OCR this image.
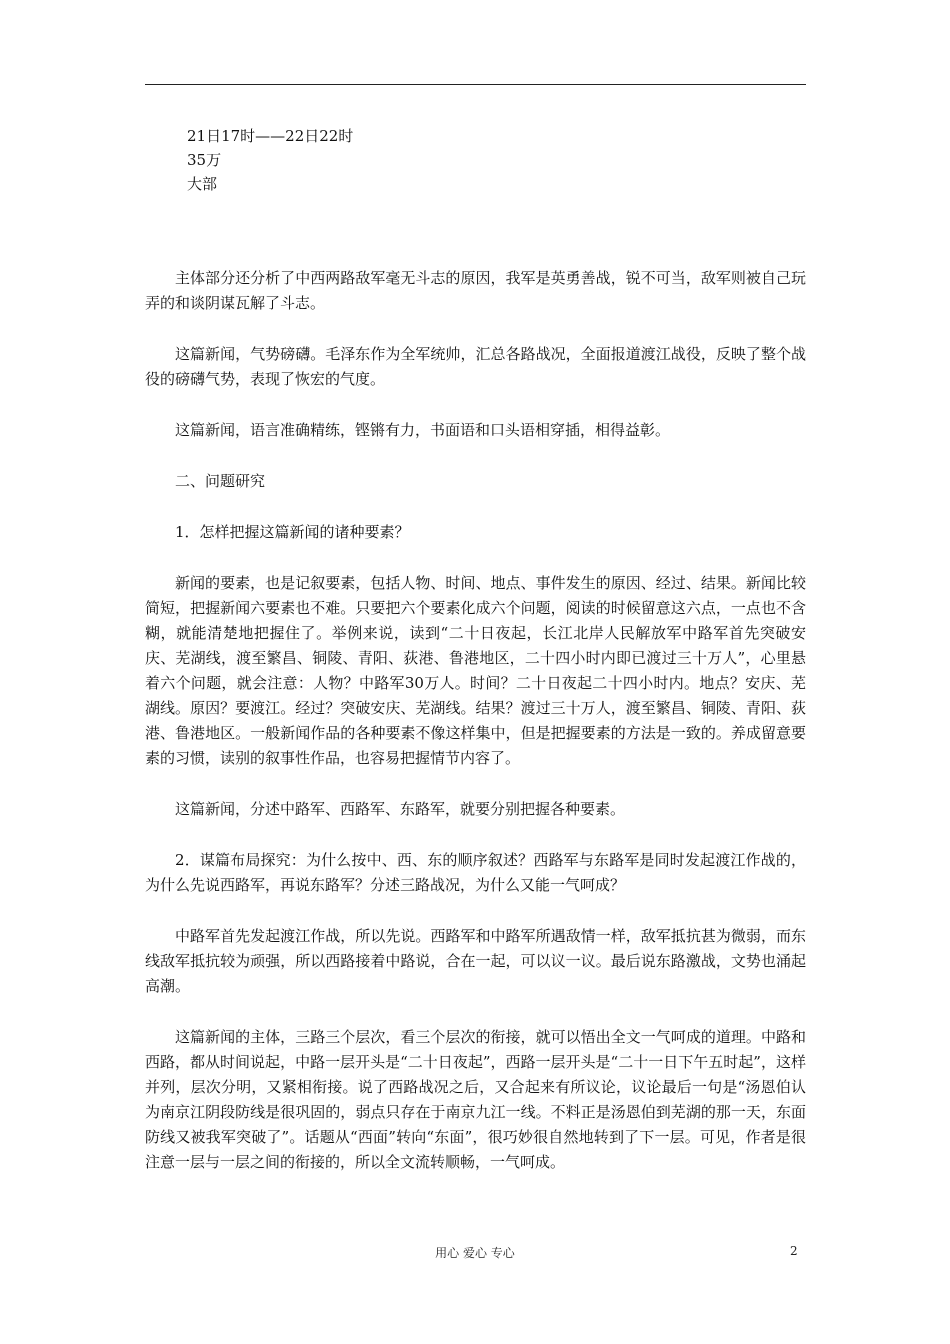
21日17时——22日22时
35万
大部

主体部分还分析了中西两路敌军毫无斗志的原因，我军是英勇善战，锐不可当，敌军则被自己玩弄的和谈阴谋瓦解了斗志。

这篇新闻，气势磅礴。毛泽东作为全军统帅，汇总各路战况，全面报道渡江战役，反映了整个战役的磅礴气势，表现了恢宏的气度。

这篇新闻，语言准确精练，铿锵有力，书面语和口头语相穿插，相得益彰。

二、问题研究

1．怎样把握这篇新闻的诸种要素？

新闻的要素，也是记叙要素，包括人物、时间、地点、事件发生的原因、经过、结果。新闻比较简短，把握新闻六要素也不难。只要把六个要素化成六个问题，阅读的时候留意这六点，一点也不含糊，就能清楚地把握住了。举例来说，读到“二十日夜起，长江北岸人民解放军中路军首先突破安庆、芜湖线，渡至繁昌、铜陵、青阳、荻港、鲁港地区，二十四小时内即已渡过三十万人”，心里悬着六个问题，就会注意：人物？中路军30万人。时间？二十日夜起二十四小时内。地点？安庆、芜湖线。原因？要渡江。经过？突破安庆、芜湖线。结果？渡过三十万人，渡至繁昌、铜陵、青阳、荻港、鲁港地区。一般新闻作品的各种要素不像这样集中，但是把握要素的方法是一致的。养成留意要素的习惯，读别的叙事性作品，也容易把握情节内容了。

这篇新闻，分述中路军、西路军、东路军，就要分别把握各种要素。

2．谋篇布局探究：为什么按中、西、东的顺序叙述？西路军与东路军是同时发起渡江作战的，为什么先说西路军，再说东路军？分述三路战况，为什么又能一气呵成？

中路军首先发起渡江作战，所以先说。西路军和中路军所遇敌情一样，敌军抵抗甚为微弱，而东线敌军抵抗较为顽强，所以西路接着中路说，合在一起，可以议一议。最后说东路激战，文势也涌起高潮。

这篇新闻的主体，三路三个层次，看三个层次的衔接，就可以悟出全文一气呵成的道理。中路和西路，都从时间说起，中路一层开头是“二十日夜起”，西路一层开头是“二十一日下午五时起”，这样并列，层次分明，又紧相衔接。说了西路战况之后，又合起来有所议论，议论最后一句是“汤恩伯认为南京江阴段防线是很巩固的，弱点只存在于南京九江一线。不料正是汤恩伯到芜湖的那一天，东面防线又被我军突破了”。话题从“西面”转向“东面”，很巧妙很自然地转到了下一层。可见，作者是很注意一层与一层之间的衔接的，所以全文流转顺畅，一气呵成。

用心 爱心 专心	2
